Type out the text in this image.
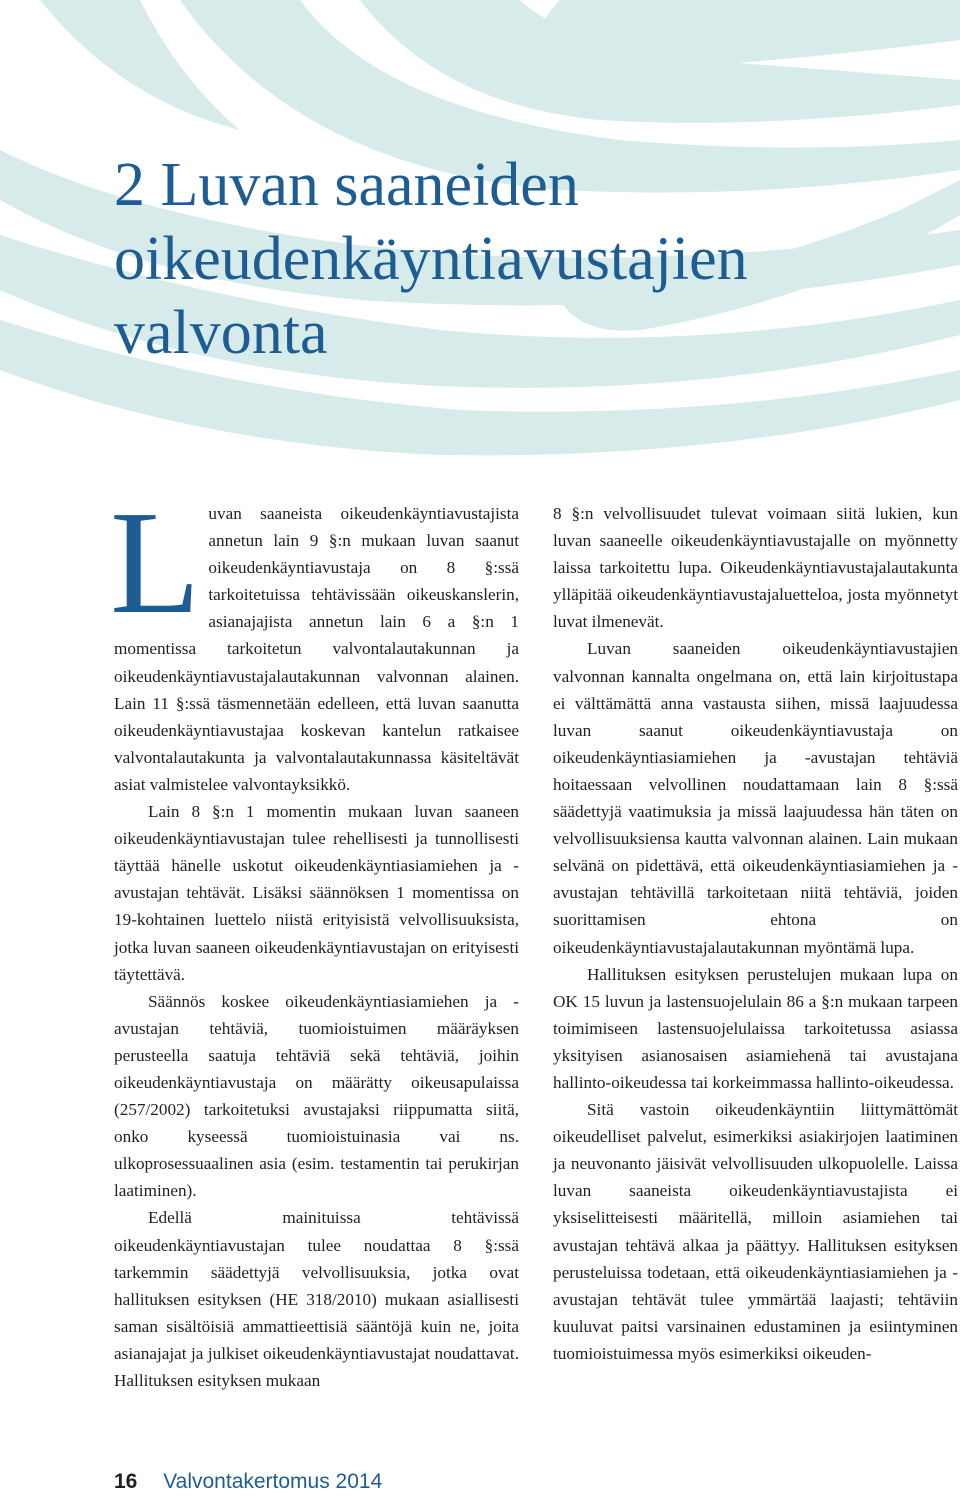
2 Luvan saaneiden
oikeudenkäyntiavustajien
valvonta

Luvan saaneista oikeudenkäyntiavustajista annetun lain 9 §:n mukaan luvan saanut oikeudenkäyntiavustaja on 8 §:ssä tarkoitetuissa tehtävissään oikeuskanslerin, asianajajista annetun lain 6 a §:n 1 momentissa tarkoitetun valvontalautakunnan ja oikeudenkäyntiavustajalautakunnan valvonnan alainen. Lain 11 §:ssä täsmennetään edelleen, että luvan saanutta oikeudenkäyntiavustajaa koskevan kantelun ratkaisee valvontalautakunta ja valvontalautakunnassa käsiteltävät asiat valmistelee valvontayksikkö.

Lain 8 §:n 1 momentin mukaan luvan saaneen oikeudenkäyntiavustajan tulee rehellisesti ja tunnollisesti täyttää hänelle uskotut oikeudenkäyntiasiamiehen ja -avustajan tehtävät. Lisäksi säännöksen 1 momentissa on 19-kohtainen luettelo niistä erityisistä velvollisuuksista, jotka luvan saaneen oikeudenkäyntiavustajan on erityisesti täytettävä.

Säännös koskee oikeudenkäyntiasiamiehen ja -avustajan tehtäviä, tuomioistuimen määräyksen perusteella saatuja tehtäviä sekä tehtäviä, joihin oikeudenkäyntiavustaja on määrätty oikeusapulaissa (257/2002) tarkoitetuksi avustajaksi riippumatta siitä, onko kyseessä tuomioistuinasia vai ns. ulkoprosessuaalinen asia (esim. testamentin tai perukirjan laatiminen).

Edellä mainituissa tehtävissä oikeudenkäyntiavustajan tulee noudattaa 8 §:ssä tarkemmin säädettyjä velvollisuuksia, jotka ovat hallituksen esityksen (HE 318/2010) mukaan asiallisesti saman sisältöisiä ammattieettisiä sääntöjä kuin ne, joita asianajajat ja julkiset oikeudenkäyntiavustajat noudattavat. Hallituksen esityksen mukaan

8 §:n velvollisuudet tulevat voimaan siitä lukien, kun luvan saaneelle oikeudenkäyntiavustajalle on myönnetty laissa tarkoitettu lupa. Oikeudenkäyntiavustajalautakunta ylläpitää oikeudenkäyntiavustajaluetteloa, josta myönnetyt luvat ilmenevät.

Luvan saaneiden oikeudenkäyntiavustajien valvonnan kannalta ongelmana on, että lain kirjoitustapa ei välttämättä anna vastausta siihen, missä laajuudessa luvan saanut oikeudenkäyntiavustaja on oikeudenkäyntiasiamiehen ja -avustajan tehtäviä hoitaessaan velvollinen noudattamaan lain 8 §:ssä säädettyjä vaatimuksia ja missä laajuudessa hän täten on velvollisuuksiensa kautta valvonnan alainen. Lain mukaan selvänä on pidettävä, että oikeudenkäyntiasiamiehen ja -avustajan tehtävillä tarkoitetaan niitä tehtäviä, joiden suorittamisen ehtona on oikeudenkäyntiavustajalautakunnan myöntämä lupa.

Hallituksen esityksen perustelujen mukaan lupa on OK 15 luvun ja lastensuojelulain 86 a §:n mukaan tarpeen toimimiseen lastensuojelulaissa tarkoitetussa asiassa yksityisen asianosaisen asiamiehenä tai avustajana hallinto-oikeudessa tai korkeimmassa hallinto-oikeudessa.

Sitä vastoin oikeudenkäyntiin liittymättömät oikeudelliset palvelut, esimerkiksi asiakirjojen laatiminen ja neuvonanto jäisivät velvollisuuden ulkopuolelle. Laissa luvan saaneista oikeudenkäyntiavustajista ei yksiselitteisesti määritellä, milloin asiamiehen tai avustajan tehtävä alkaa ja päättyy. Hallituksen esityksen perusteluissa todetaan, että oikeudenkäyntiasiamiehen ja -avustajan tehtävät tulee ymmärtää laajasti; tehtäviin kuuluvat paitsi varsinainen edustaminen ja esiintyminen tuomioistuimessa myös esimerkiksi oikeuden-

16 Valvontakertomus 2014
